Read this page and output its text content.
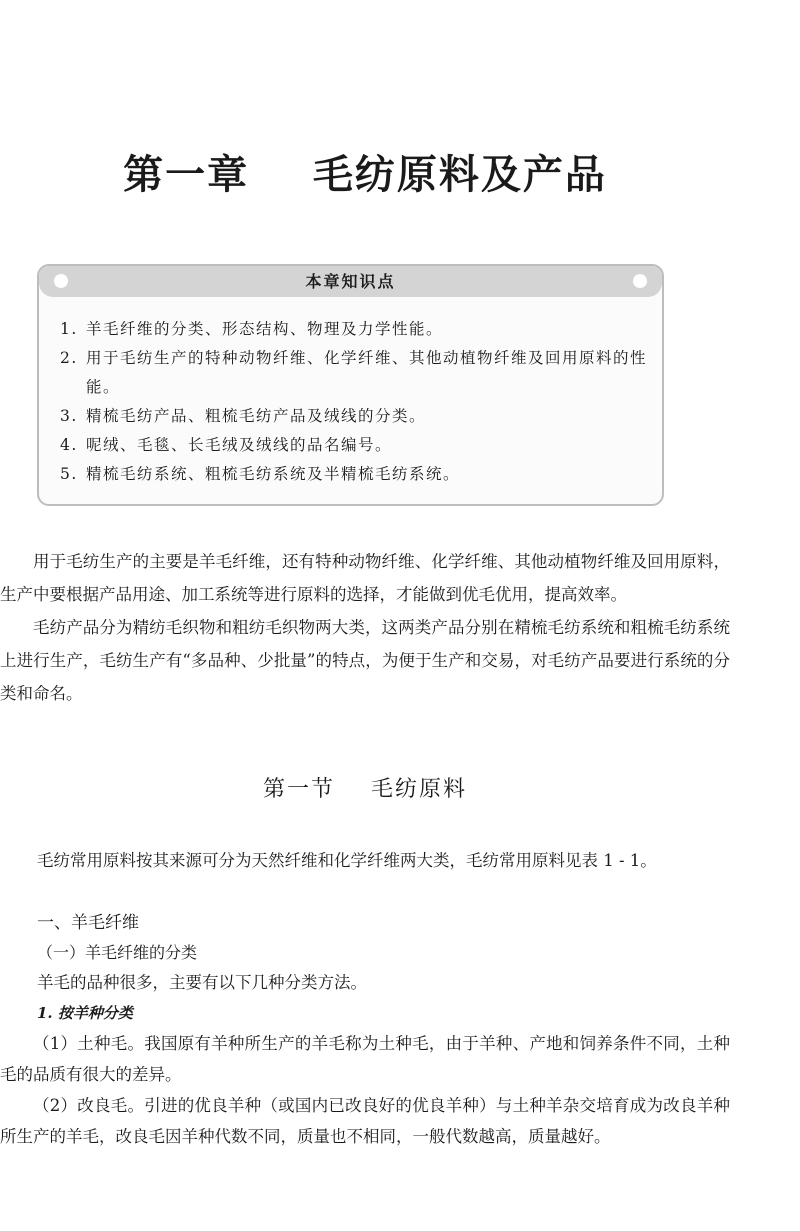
第一章    毛纺原料及产品
本章知识点
1. 羊毛纤维的分类、形态结构、物理及力学性能。
2. 用于毛纺生产的特种动物纤维、化学纤维、其他动植物纤维及回用原料的性能。
3. 精梳毛纺产品、粗梳毛纺产品及绒线的分类。
4. 呢绒、毛毯、长毛绒及绒线的品名编号。
5. 精梳毛纺系统、粗梳毛纺系统及半精梳毛纺系统。

用于毛纺生产的主要是羊毛纤维，还有特种动物纤维、化学纤维、其他动植物纤维及回用原料，生产中要根据产品用途、加工系统等进行原料的选择，才能做到优毛优用，提高效率。

毛纺产品分为精纺毛织物和粗纺毛织物两大类，这两类产品分别在精梳毛纺系统和粗梳毛纺系统上进行生产，毛纺生产有“多品种、少批量”的特点，为便于生产和交易，对毛纺产品要进行系统的分类和命名。

第一节    毛纺原料
毛纺常用原料按其来源可分为天然纤维和化学纤维两大类，毛纺常用原料见表 1 - 1。
一、羊毛纤维
（一）羊毛纤维的分类
羊毛的品种很多，主要有以下几种分类方法。
1. 按羊种分类

（1）土种毛。我国原有羊种所生产的羊毛称为土种毛，由于羊种、产地和饲养条件不同，土种毛的品质有很大的差异。

（2）改良毛。引进的优良羊种（或国内已改良好的优良羊种）与土种羊杂交培育成为改良羊种所生产的羊毛，改良毛因羊种代数不同，质量也不相同，一般代数越高，质量越好。
